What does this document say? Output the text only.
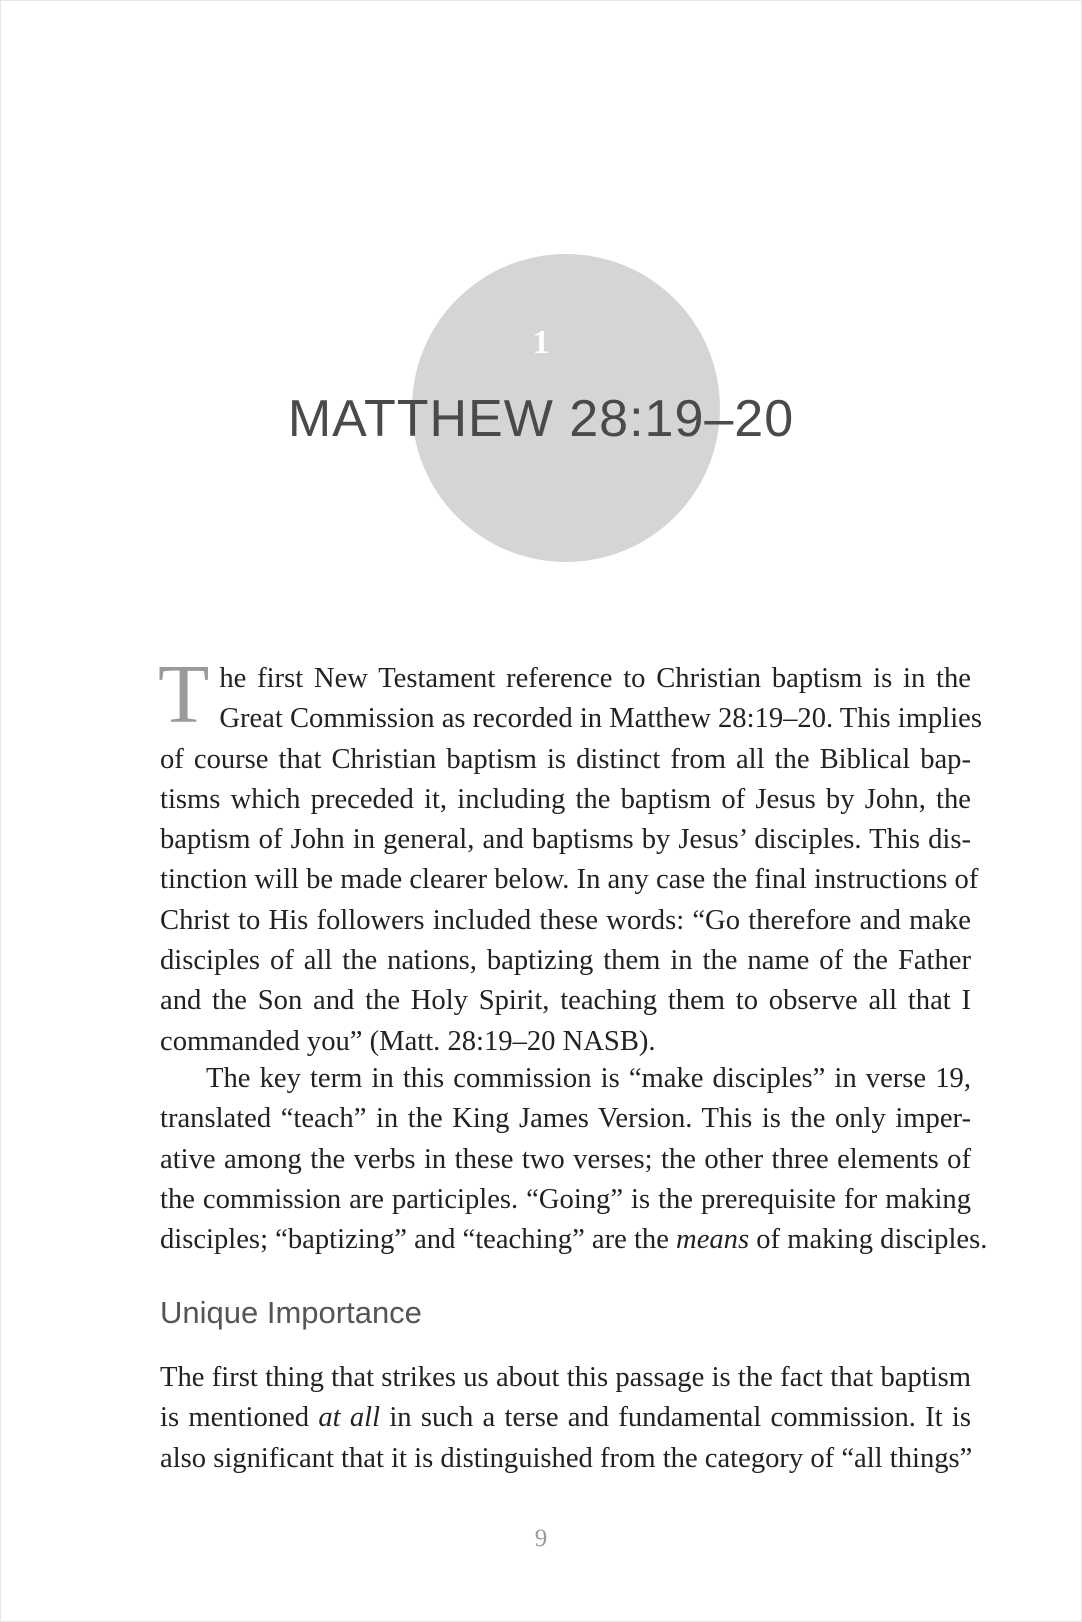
1
MATTHEW 28:19–20
T he first New Testament reference to Christian baptism is in the
Great Commission as recorded in Matthew 28:19–20. This implies
of course that Christian baptism is distinct from all the Biblical bap-
tisms which preceded it, including the baptism of Jesus by John, the
baptism of John in general, and baptisms by Jesus’ disciples. This dis-
tinction will be made clearer below. In any case the final instructions of
Christ to His followers included these words: “Go therefore and make
disciples of all the nations, baptizing them in the name of the Father
and the Son and the Holy Spirit, teaching them to observe all that I
commanded you” (Matt. 28:19–20 NASB).
The key term in this commission is “make disciples” in verse 19,
translated “teach” in the King James Version. This is the only imper-
ative among the verbs in these two verses; the other three elements of
the commission are participles. “Going” is the prerequisite for making
disciples; “baptizing” and “teaching” are the means of making disciples.
Unique Importance
The first thing that strikes us about this passage is the fact that baptism
is mentioned at all in such a terse and fundamental commission. It is
also significant that it is distinguished from the category of “all things”
9
